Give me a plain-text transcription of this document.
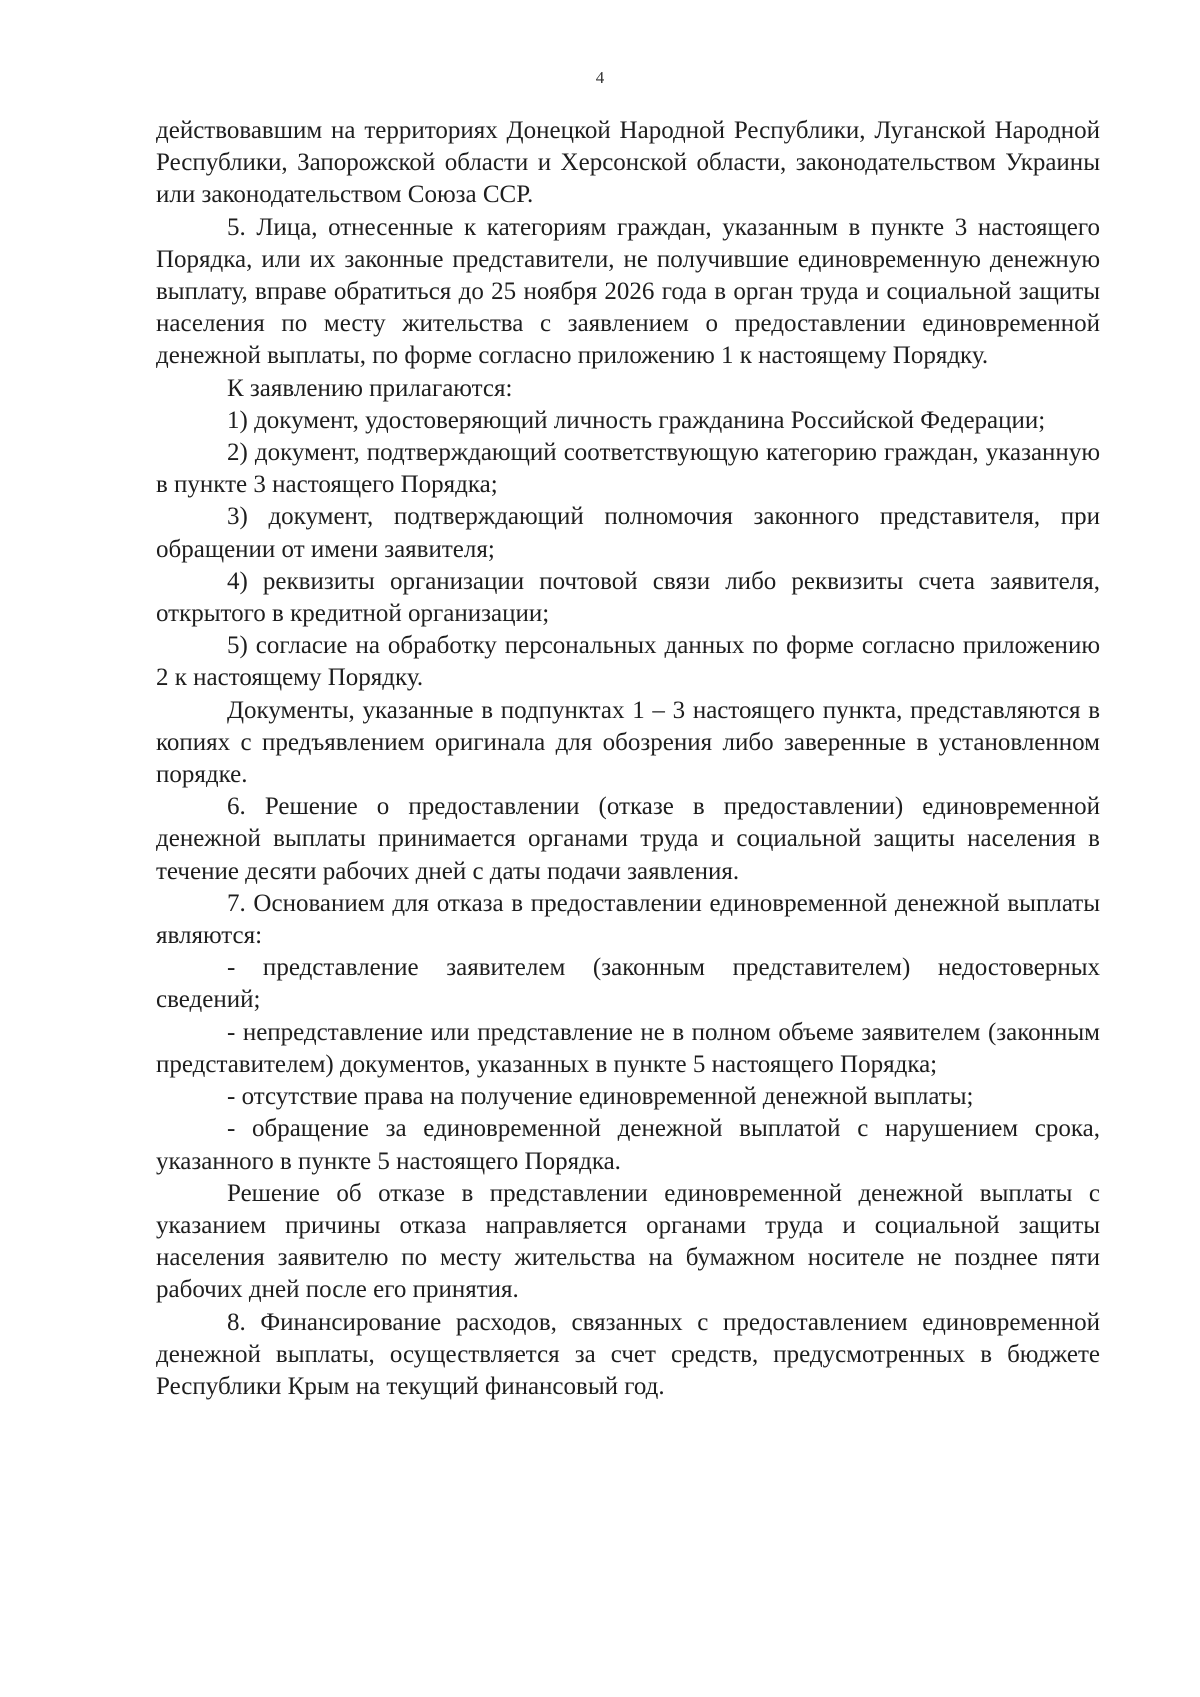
4

действовавшим на территориях Донецкой Народной Республики, Луганской Народной Республики, Запорожской области и Херсонской области, законодательством Украины или законодательством Союза ССР.

5. Лица, отнесенные к категориям граждан, указанным в пункте 3 настоящего Порядка, или их законные представители, не получившие единовременную денежную выплату, вправе обратиться до 25 ноября 2026 года в орган труда и социальной защиты населения по месту жительства с заявлением о предоставлении единовременной денежной выплаты, по форме согласно приложению 1 к настоящему Порядку.

К заявлению прилагаются:

1) документ, удостоверяющий личность гражданина Российской Федерации;

2) документ, подтверждающий соответствующую категорию граждан, указанную в пункте 3 настоящего Порядка;

3) документ, подтверждающий полномочия законного представителя, при обращении от имени заявителя;

4) реквизиты организации почтовой связи либо реквизиты счета заявителя, открытого в кредитной организации;

5) согласие на обработку персональных данных по форме согласно приложению 2 к настоящему Порядку.

Документы, указанные в подпунктах 1 – 3 настоящего пункта, представляются в копиях с предъявлением оригинала для обозрения либо заверенные в установленном порядке.

6. Решение о предоставлении (отказе в предоставлении) единовременной денежной выплаты принимается органами труда и социальной защиты населения в течение десяти рабочих дней с даты подачи заявления.

7. Основанием для отказа в предоставлении единовременной денежной выплаты являются:

- представление заявителем (законным представителем) недостоверных сведений;

- непредставление или представление не в полном объеме заявителем (законным представителем) документов, указанных в пункте 5 настоящего Порядка;

- отсутствие права на получение единовременной денежной выплаты;

- обращение за единовременной денежной выплатой с нарушением срока, указанного в пункте 5 настоящего Порядка.

Решение об отказе в представлении единовременной денежной выплаты с указанием причины отказа направляется органами труда и социальной защиты населения заявителю по месту жительства на бумажном носителе не позднее пяти рабочих дней после его принятия.

8. Финансирование расходов, связанных с предоставлением единовременной денежной выплаты, осуществляется за счет средств, предусмотренных в бюджете Республики Крым на текущий финансовый год.
